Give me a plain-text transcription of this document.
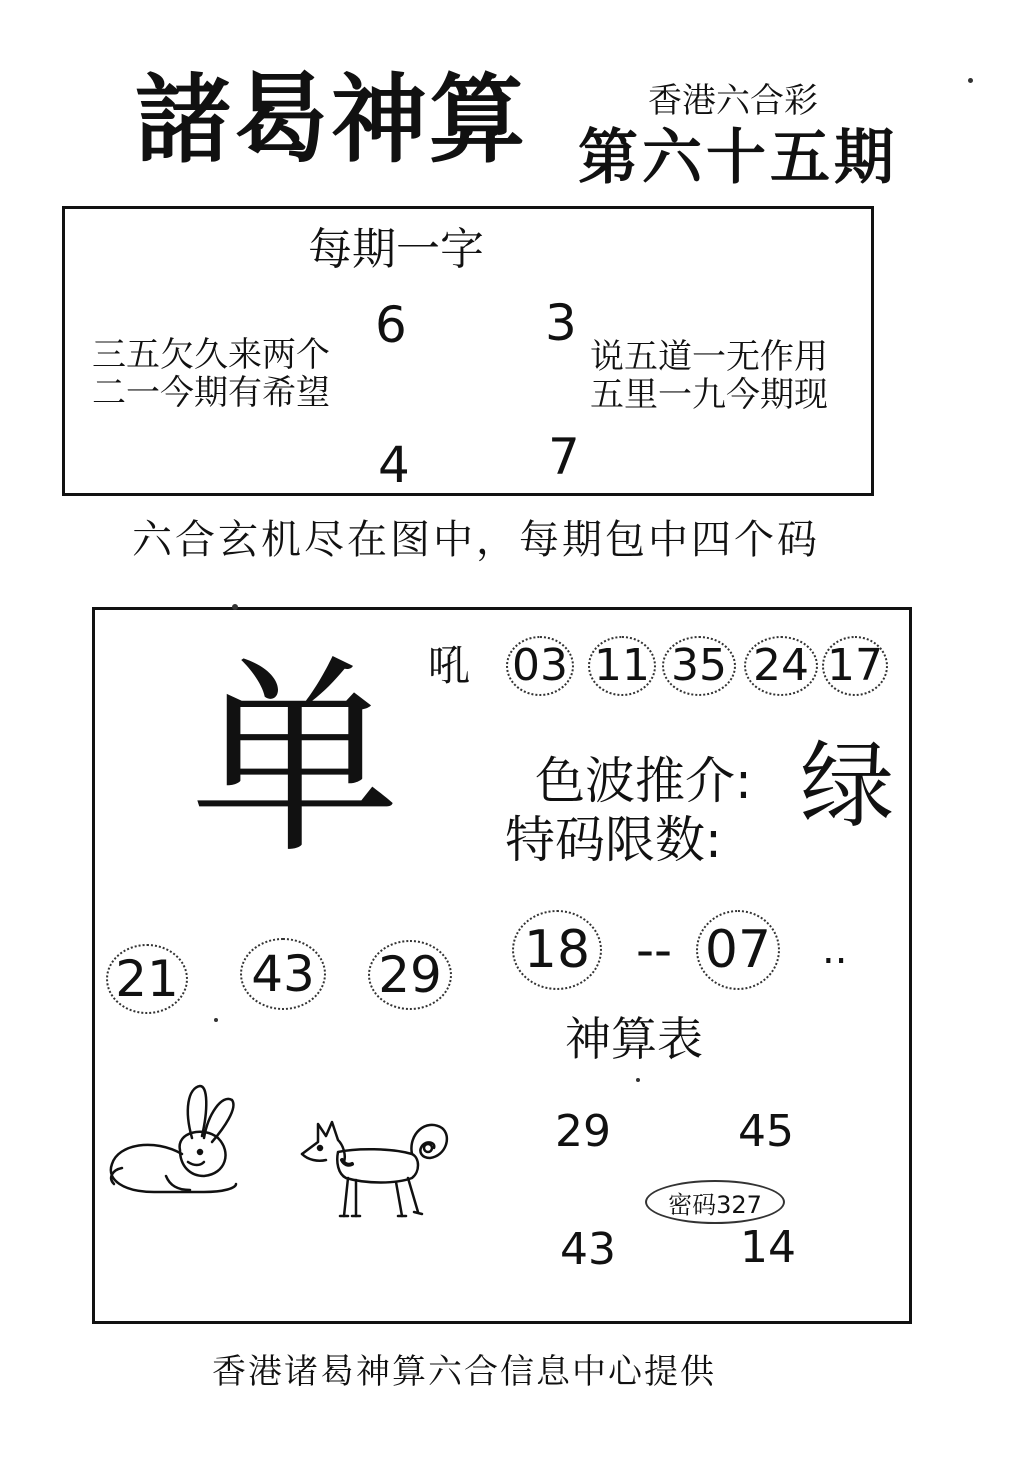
諸曷神算	香港六合彩
第六十五期
每期一字
6	3
4	7
三五欠久来两个
二一今期有希望
说五道一无作用
五里一九今期现
六合玄机尽在图中，每期包中四个码
单 吼 03 11 35 24 17
色波推介: 绿
特码限数:
21 43 29 18 -- 07 ..
神算表
29	45
43	14
密码327
香港诸曷神算六合信息中心提供
